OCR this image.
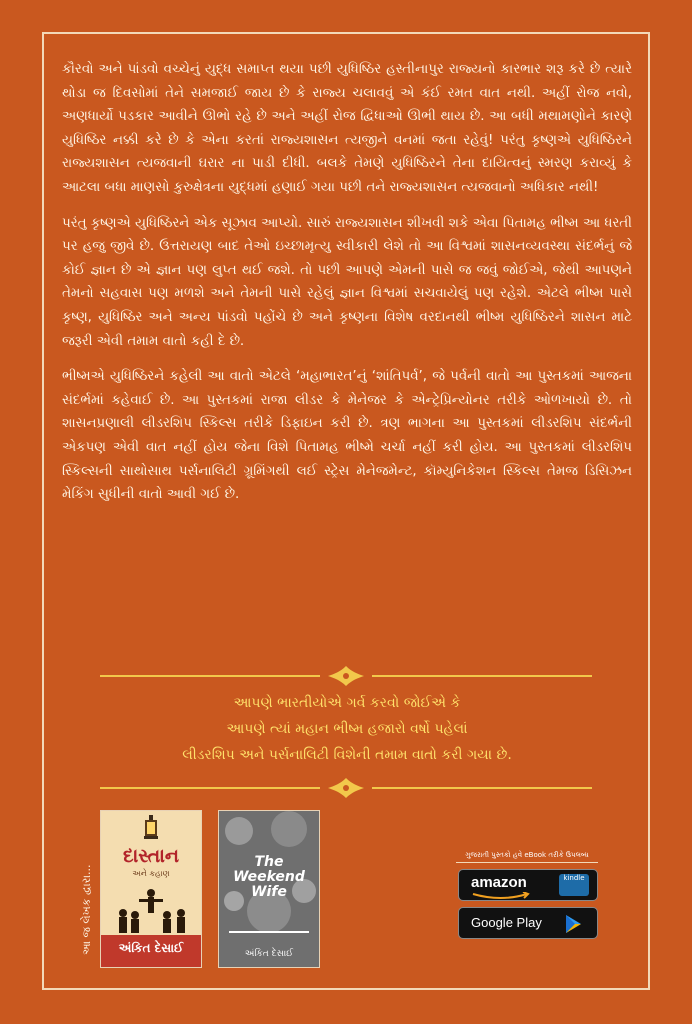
કૌરવો અને પાંડવો વચ્ચેનું યુદ્ધ સમાપ્ત થયા પછી યુધિષ્ઠિર હસ્તીનાપુર રાજ્યનો કારભાર શરૂ કરે છે ત્યારે થોડા જ દિવસોમાં તેને સમજાઈ જાય છે કે રાજ્ય ચલાવવું એ કંઈ રમત વાત નથી. અહીં રોજ નવો, અણધાર્યો પડકાર આવીને ઊભો રહે છે અને અહીં રોજ દ્વિધાઓ ઊભી થાય છે. આ બધી મથામણોને કારણે યુધિષ્ઠિર નક્કી કરે છે કે એના કરતાં રાજ્યશાસન ત્યજીને વનમાં જતા રહેવું! પરંતુ કૃષ્ણએ યુધિષ્ઠિરને રાજ્યશાસન ત્યજવાની ઘરાર ના પાડી દીધી. બલકે તેમણે યુધિષ્ઠિરને તેના દાયિત્વનું સ્મરણ કરાવ્યું કે આટલા બધા માણસો કુરુક્ષેત્રના યુદ્ધમાં હણાઈ ગયા પછી તને રાજ્યશાસન ત્યજવાનો અધિકાર નથી!

પરંતુ કૃષ્ણએ યુધિષ્ઠિરને એક સૂઝાવ આપ્યો. સારું રાજ્યશાસન શીખવી શકે એવા પિતામહ ભીષ્મ આ ધરતી પર હજુ જીવે છે. ઉત્તરાયણ બાદ તેઓ ઇચ્છામૃત્યુ સ્વીકારી લેશે તો આ વિશ્વમાં શાસનવ્યવસ્થા સંદર્ભનું જે કોઈ જ્ઞાન છે એ જ્ઞાન પણ લુપ્ત થઈ જશે. તો પછી આપણે એમની પાસે જ જવું જોઈએ, જેથી આપણને તેમનો સહવાસ પણ મળશે અને તેમની પાસે રહેલું જ્ઞાન વિશ્વમાં સચવાયેલું પણ રહેશે. એટલે ભીષ્મ પાસે કૃષ્ણ, યુધિષ્ઠિર અને અન્ય પાંડવો પહોંચે છે અને કૃષ્ણના વિશેષ વરદાનથી ભીષ્મ યુધિષ્ઠિરને શાસન માટે જરૂરી એવી તમામ વાતો કહી દે છે.

ભીષ્મએ યુધિષ્ઠિરને કહેલી આ વાતો એટલે ‘મહાભારત’નું ‘શાંતિપર્વ’, જે પર્વની વાતો આ પુસ્તકમાં આજના સંદર્ભમાં કહેવાઈ છે. આ પુસ્તકમાં રાજા લીડર કે મેનેજર કે એન્ટ્રેપ્રિન્યોનર તરીકે ઓળખાયો છે. તો શાસનપ્રણાલી લીડરશિપ સ્કિલ્સ તરીકે ડિફાઇન કરી છે. ત્રણ ભાગના આ પુસ્તકમાં લીડરશિપ સંદર્ભની એકપણ એવી વાત નહીં હોય જેના વિશે પિતામહ ભીષ્મે ચર્ચા નહીં કરી હોય. આ પુસ્તકમાં લીડરશિપ સ્કિલ્સની સાથોસાથ પર્સનાલિટી ગ્રૂમિંગથી લઈ સ્ટ્રેસ મેનેજમેન્ટ, કૉમ્યુનિકેશન સ્કિલ્સ તેમજ ડિસિઝન મેકિંગ સુધીની વાતો આવી ગઈ છે.

આપણે ભારતીયોએ ગર્વ કરવો જોઈએ કે
આપણે ત્યાં મહાન ભીષ્મ હજારો વર્ષો પહેલાં
લીડરશિપ અને પર્સનાલિટી વિશેની તમામ વાતો કરી ગયા છે.
આ જ લેખક દ્વારા...
દાસ્તાન
અને કહાણ
અંકિત દેસાઈ
The
Weekend
Wife
અંકિત દેસાઈ
ગુજરાતી પુસ્તકો હવે eBook તરીકે ઉપલબ્ધ
amazon	kindle
Google Play
